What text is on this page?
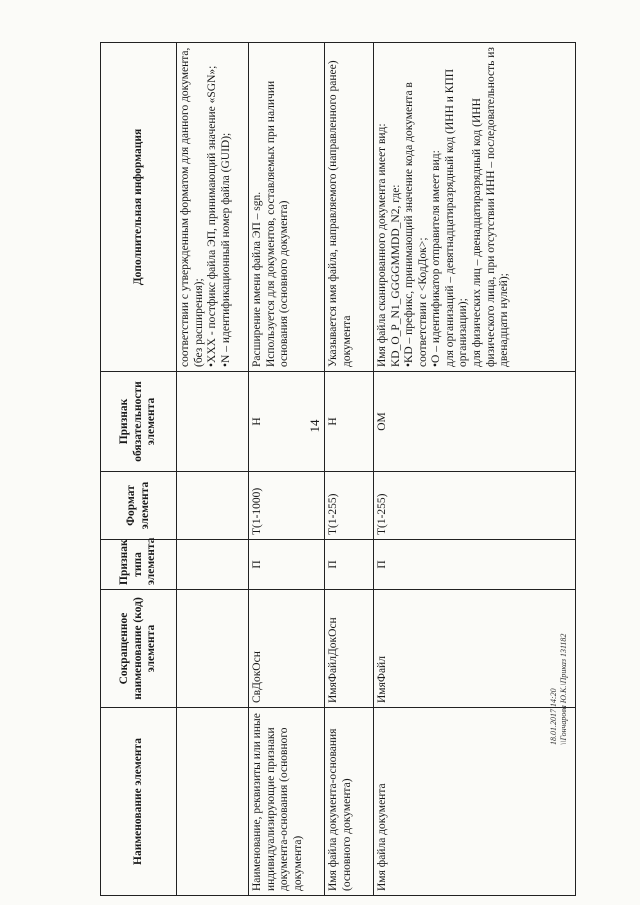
14
Наименование элемента	Сокращенное наименование (код) элемента	Признак типа элемента	Формат элемента	Признак обязательности элемента	Дополнительная информация

					соответствии с утвержденным форматом для данного документа, (без расширения); •XXX - постфикс файла ЭП, принимающий значение «SGN»; •N – идентификационный номер файла (GUID);

Наименование, реквизиты или иные индивидуализирующие признаки документа-основания (основного документа)	СвДокОсн	П	T(1-1000)	Н	Расширение имени файла ЭП – sgn. Используется для документов, составляемых при наличии основания (основного документа)

Имя файла документа-основания (основного документа)	ИмяФайлДокОсн	П	T(1-255)	Н	Указывается имя файла, направляемого (направленного ранее) документа

Имя файла документа	ИмяФайл	П	T(1-255)	ОМ	Имя файла сканированного документа имеет вид: KD_O_P_N1_GGGGMMDD_N2, где: •KD – префикс, принимающий значение кода документа в соответствии с <КодДок>; •O – идентификатор отправителя имеет вид: для организаций – девятнадцатиразрядный код (ИНН и КПП организации); для физических лиц – двенадцатиразрядный код (ИНН физического лица, при отсутствии ИНН – последовательность из двенадцати нулей);
18.01.2017 14:20 \\Гончарова Ю.К.\Приказ 131182
